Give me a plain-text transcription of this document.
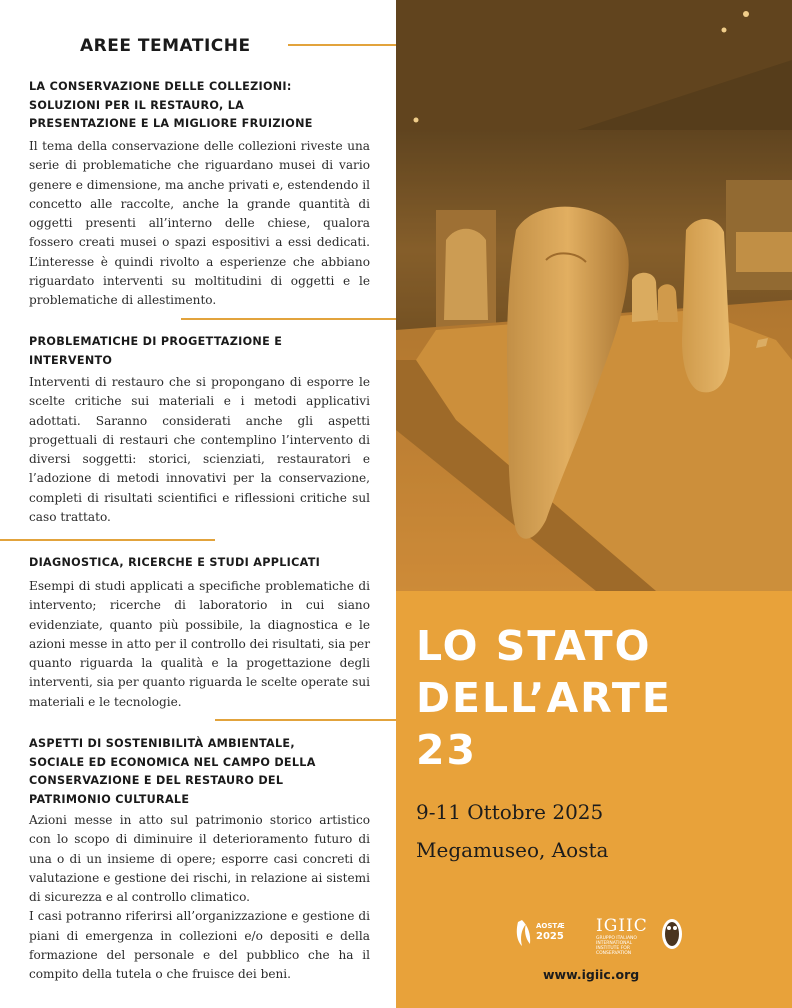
AREE TEMATICHE
LA CONSERVAZIONE DELLE COLLEZIONI:
SOLUZIONI PER IL RESTAURO, LA
PRESENTAZIONE E LA MIGLIORE FRUIZIONE

Il tema della conservazione delle collezioni riveste una serie di problematiche che riguardano musei di vario genere e dimensione, ma anche privati e, estendendo il concetto alle raccolte, anche la grande quantità di oggetti presenti all’interno delle chiese, qualora fossero creati musei o spazi espositivi a essi dedicati. L’interesse è quindi rivolto a esperienze che abbiano riguardato interventi su moltitudini di oggetti e le problematiche di allestimento.

PROBLEMATICHE DI PROGETTAZIONE E
INTERVENTO

Interventi di restauro che si propongano di esporre le scelte critiche sui materiali e i metodi applicativi adottati. Saranno considerati anche gli aspetti progettuali di restauri che contemplino l’intervento di diversi soggetti: storici, scienziati, restauratori e l’adozione di metodi innovativi per la conservazione, completi di risultati scientifici e riflessioni critiche sul caso trattato.

DIAGNOSTICA, RICERCHE E STUDI APPLICATI

Esempi di studi applicati a specifiche problematiche di intervento; ricerche di laboratorio in cui siano evidenziate, quanto più possibile, la diagnostica e le azioni messe in atto per il controllo dei risultati, sia per quanto riguarda la qualità e la progettazione degli interventi, sia per quanto riguarda le scelte operate sui materiali e le tecnologie.

ASPETTI DI SOSTENIBILITÀ AMBIENTALE,
SOCIALE ED ECONOMICA NEL CAMPO DELLA
CONSERVAZIONE E DEL RESTAURO DEL
PATRIMONIO CULTURALE

Azioni messe in atto sul patrimonio storico artistico con lo scopo di diminuire il deterioramento futuro di una o di un insieme di opere; esporre casi concreti di valutazione e gestione dei rischi, in relazione ai sistemi di sicurezza e al controllo climatico.

I casi potranno riferirsi all’organizzazione e gestione di piani di emergenza in collezioni e/o depositi e della formazione del personale e del pubblico che ha il compito della tutela o che fruisce dei beni.

LO STATO
DELL’ARTE
23
9-11 Ottobre 2025
Megamuseo, Aosta
AOSTÆ
2025
IGIIC
GRUPPO ITALIANO INTERNATIONAL INSTITUTE FOR CONSERVATION
www.igiic.org
